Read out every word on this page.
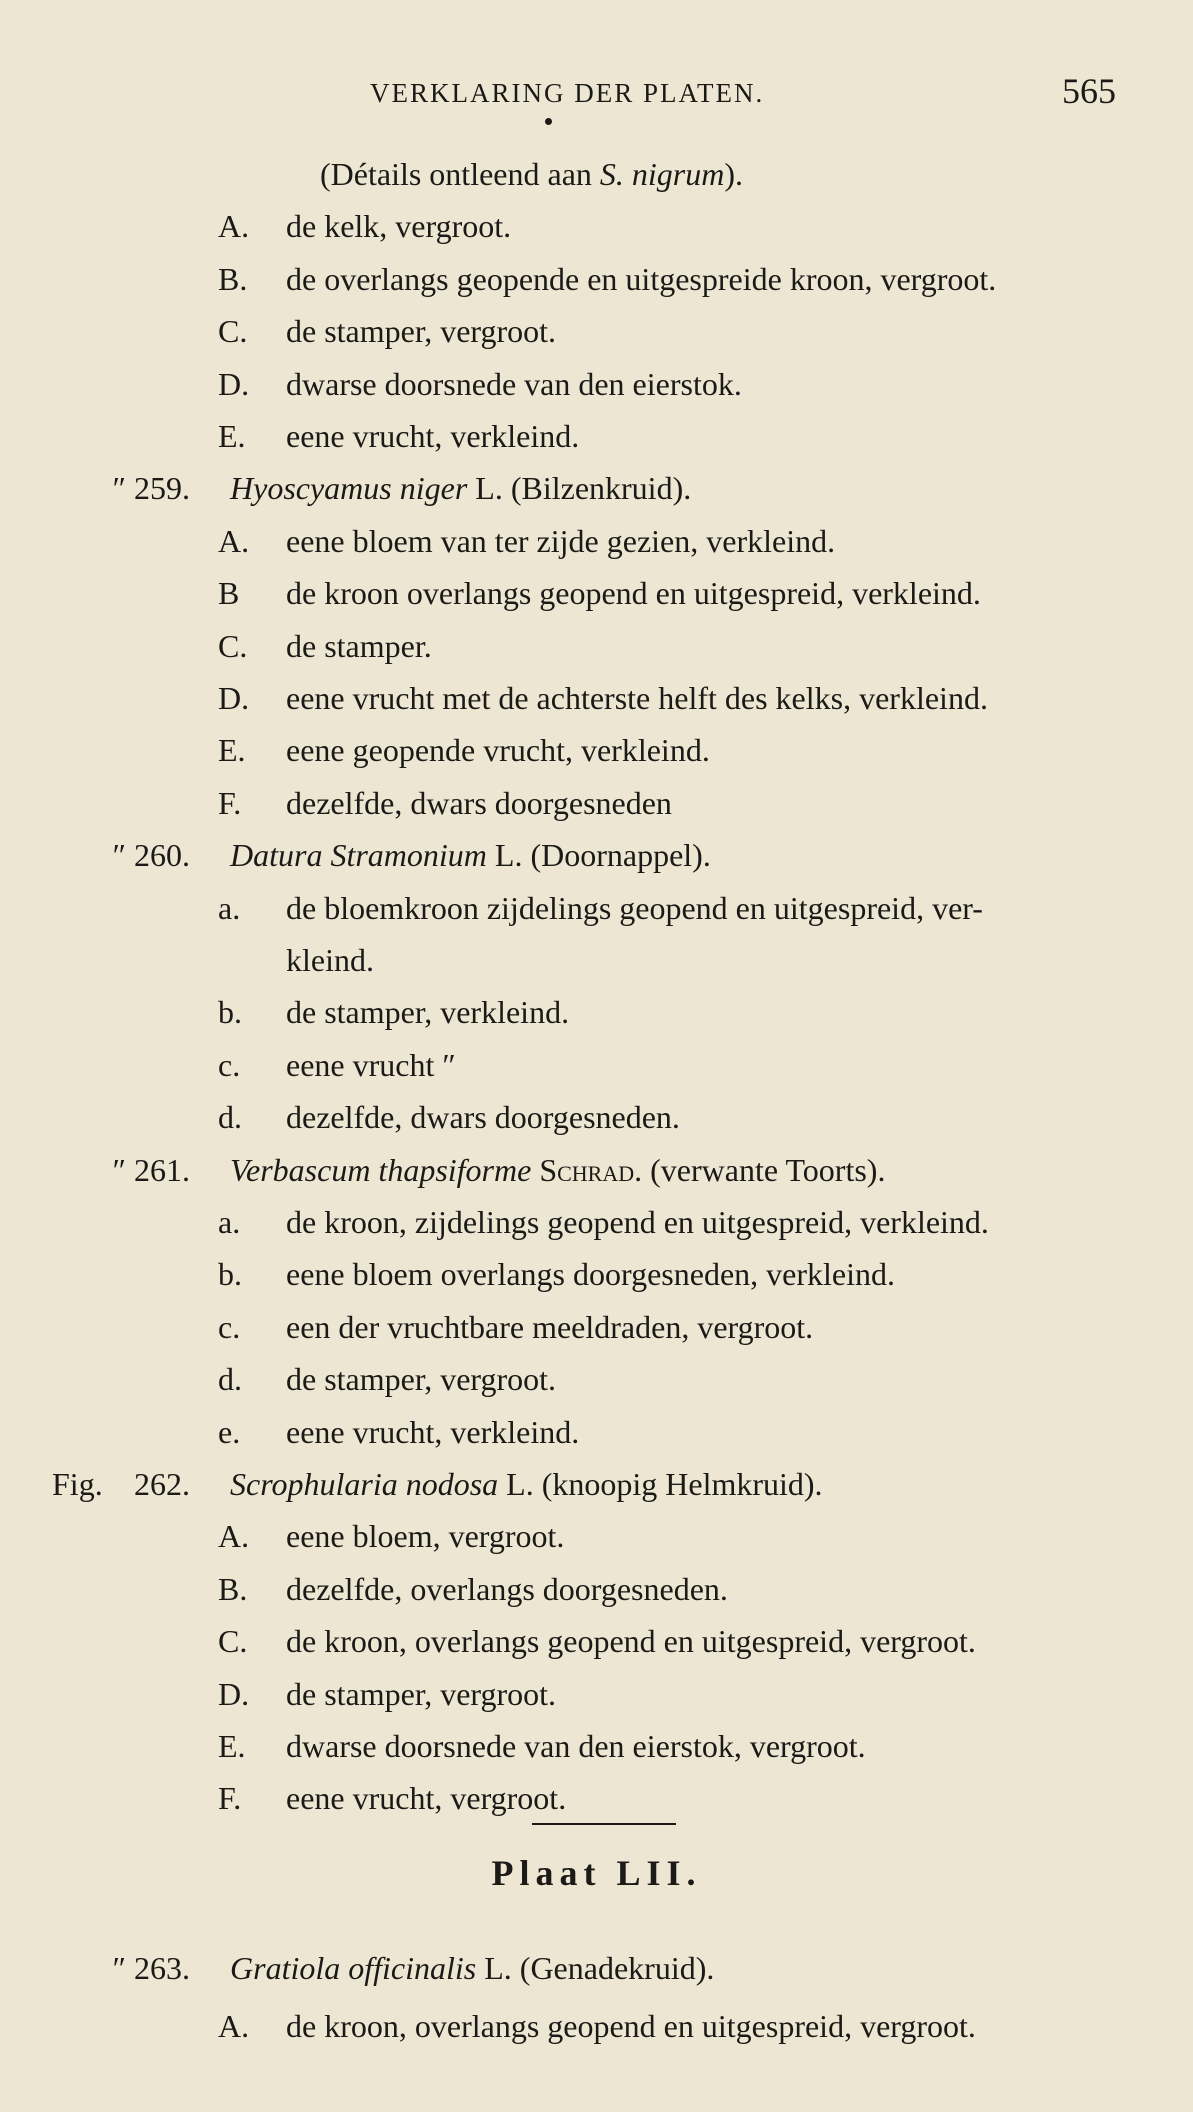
VERKLARING DER PLATEN.	565
(Détails ontleend aan S. nigrum).
A. de kelk, vergroot.
B. de overlangs geopende en uitgespreide kroon, vergroot.
C. de stamper, vergroot.
D. dwarse doorsnede van den eierstok.
E. eene vrucht, verkleind.
″ 259. Hyoscyamus niger L. (Bilzenkruid).
A. eene bloem van ter zijde gezien, verkleind.
B de kroon overlangs geopend en uitgespreid, verkleind.
C. de stamper.
D. eene vrucht met de achterste helft des kelks, verkleind.
E. eene geopende vrucht, verkleind.
F. dezelfde, dwars doorgesneden
″ 260. Datura Stramonium L. (Doornappel).
a. de bloemkroon zijdelings geopend en uitgespreid, ver-
kleind.
b. de stamper, verkleind.
c. eene vrucht ″
d. dezelfde, dwars doorgesneden.
″ 261. Verbascum thapsiforme Schrad. (verwante Toorts).
a. de kroon, zijdelings geopend en uitgespreid, verkleind.
b. eene bloem overlangs doorgesneden, verkleind.
c. een der vruchtbare meeldraden, vergroot.
d. de stamper, vergroot.
e. eene vrucht, verkleind.
Fig. 262. Scrophularia nodosa L. (knoopig Helmkruid).
A. eene bloem, vergroot.
B. dezelfde, overlangs doorgesneden.
C. de kroon, overlangs geopend en uitgespreid, vergroot.
D. de stamper, vergroot.
E. dwarse doorsnede van den eierstok, vergroot.
F. eene vrucht, vergroot.
Plaat LII.
″ 263. Gratiola officinalis L. (Genadekruid).
A. de kroon, overlangs geopend en uitgespreid, vergroot.
